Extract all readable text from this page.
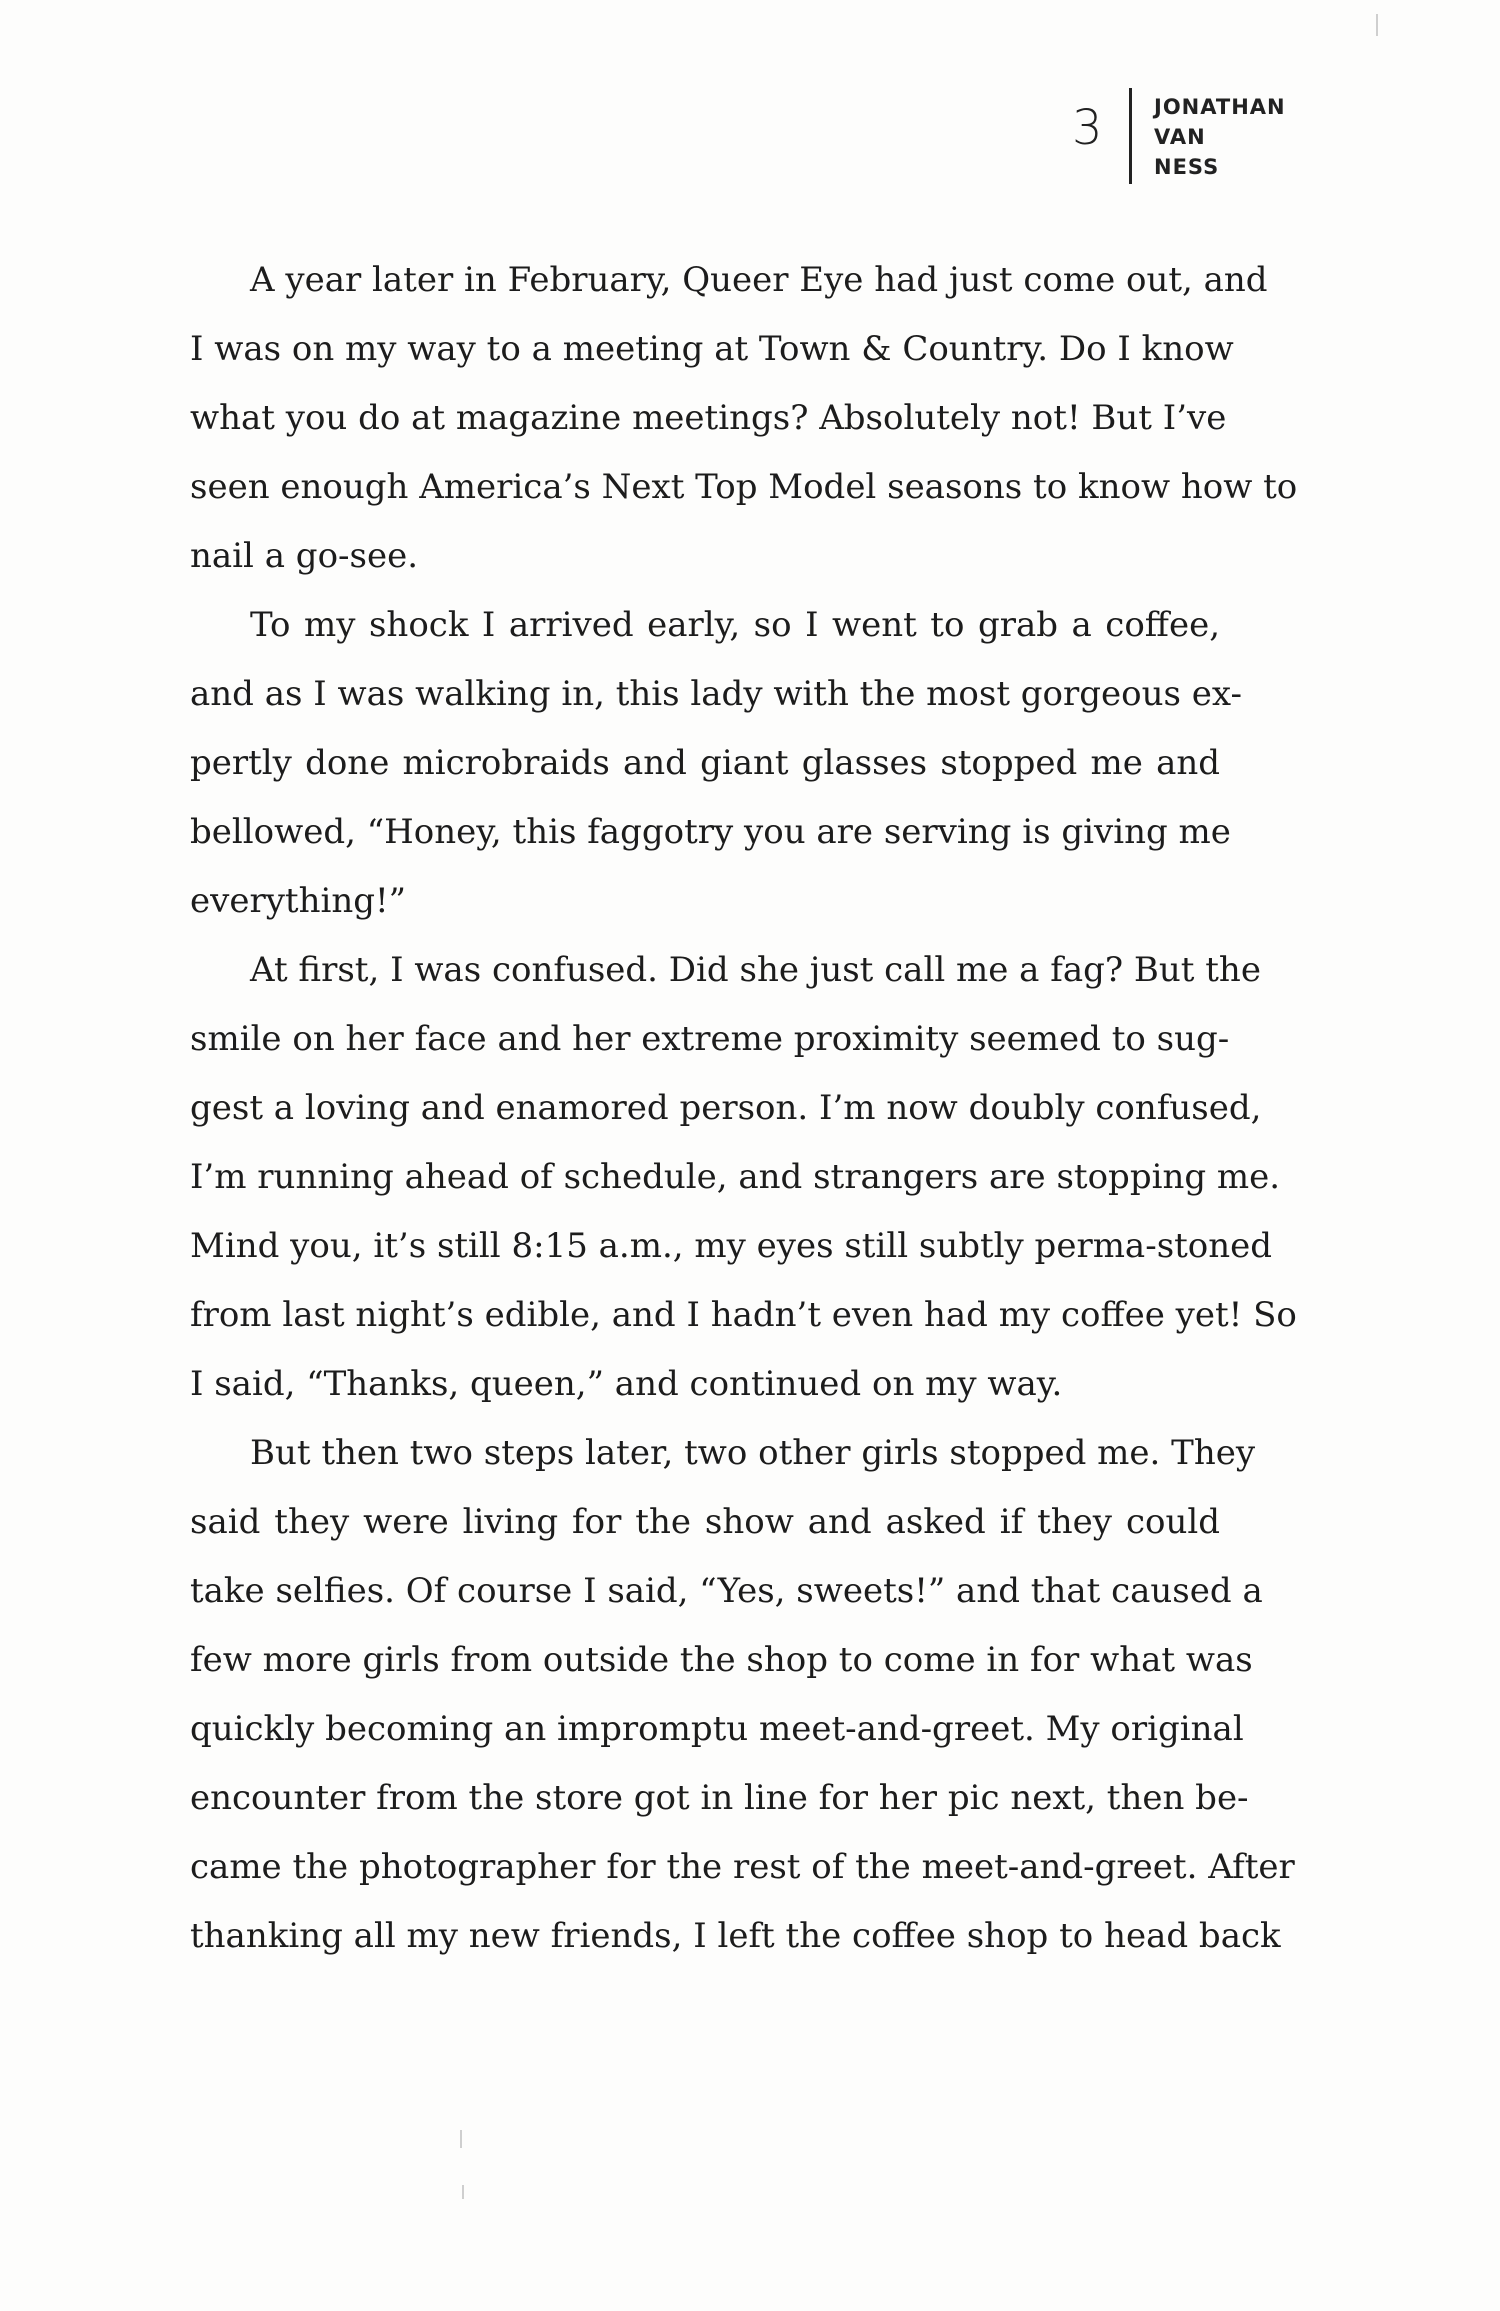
3 JONATHAN
VAN
NESS
A year later in February, Queer Eye had just come out, and
I was on my way to a meeting at Town & Country. Do I know
what you do at magazine meetings? Absolutely not! But I’ve
seen enough America’s Next Top Model seasons to know how to
nail a go-see.
To my shock I arrived early, so I went to grab a coffee,
and as I was walking in, this lady with the most gorgeous ex-
pertly done microbraids and giant glasses stopped me and
bellowed, “Honey, this faggotry you are serving is giving me
everything!”
At first, I was confused. Did she just call me a fag? But the
smile on her face and her extreme proximity seemed to sug-
gest a loving and enamored person. I’m now doubly confused,
I’m running ahead of schedule, and strangers are stopping me.
Mind you, it’s still 8:15 a.m., my eyes still subtly perma-stoned
from last night’s edible, and I hadn’t even had my coffee yet! So
I said, “Thanks, queen,” and continued on my way.
But then two steps later, two other girls stopped me. They
said they were living for the show and asked if they could
take selfies. Of course I said, “Yes, sweets!” and that caused a
few more girls from outside the shop to come in for what was
quickly becoming an impromptu meet-and-greet. My original
encounter from the store got in line for her pic next, then be-
came the photographer for the rest of the meet-and-greet. After
thanking all my new friends, I left the coffee shop to head back
